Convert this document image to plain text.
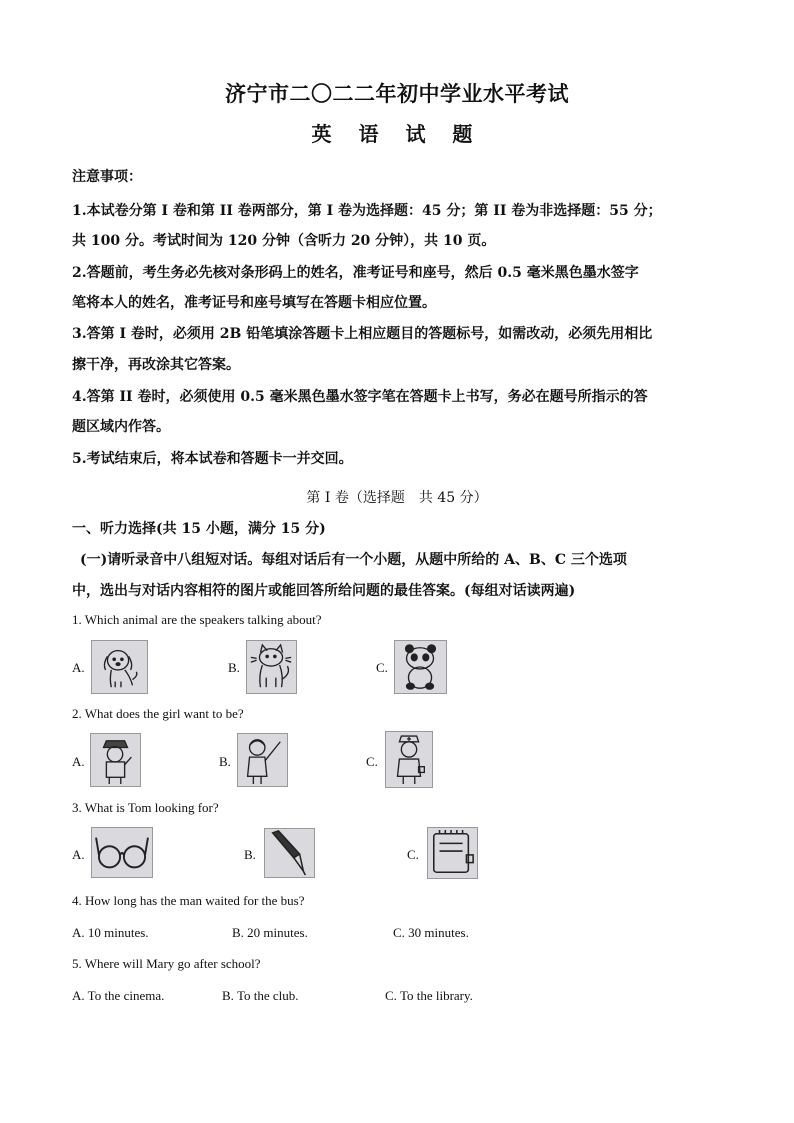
济宁市二〇二二年初中学业水平考试
英 语 试 题
注意事项：
1.本试卷分第 I 卷和第 II 卷两部分，第 I 卷为选择题：45 分；第 II 卷为非选择题：55 分；
共 100 分。考试时间为 120 分钟（含听力 20 分钟），共 10 页。
2.答题前，考生务必先核对条形码上的姓名，准考证号和座号，然后 0.5 毫米黑色墨水签字
笔将本人的姓名，准考证号和座号填写在答题卡相应位置。
3.答第 I 卷时，必须用 2B 铅笔填涂答题卡上相应题目的答题标号，如需改动，必须先用相比
擦干净，再改涂其它答案。
4.答第 II 卷时，必须使用 0.5 毫米黑色墨水签字笔在答题卡上书写，务必在题号所指示的答
题区域内作答。
5.考试结束后，将本试卷和答题卡一并交回。
第 I 卷（选择题　共 45 分）
一、听力选择(共 15 小题，满分 15 分)
(一)请听录音中八组短对话。每组对话后有一个小题，从题中所给的 A、B、C 三个选项
中，选出与对话内容相符的图片或能回答所给问题的最佳答案。(每组对话读两遍)
1. Which animal are the speakers talking about?
A.	B.	C.
2. What does the girl want to be?
A.	B.	C.
3. What is Tom looking for?
A.	B.	C.
4. How long has the man waited for the bus?
A. 10 minutes.	B. 20 minutes.	C. 30 minutes.
5. Where will Mary go after school?
A. To the cinema.	B. To the club.	C. To the library.
